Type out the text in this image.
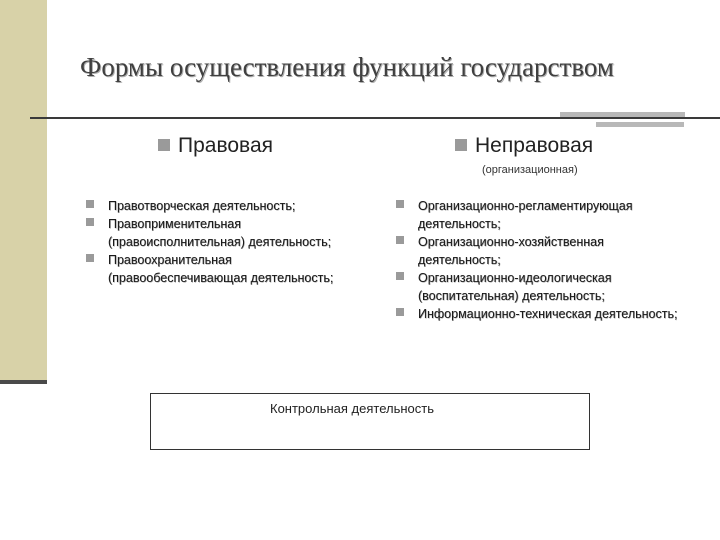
Формы осуществления функций государством
Правовая	Неправовая
(организационная)
Правотворческая деятельность;
Правоприменительная (правоисполнительная) деятельность;
Правоохранительная (правообеспечивающая деятельность;
Организационно-регламентирующая деятельность;
Организационно-хозяйственная деятельность;
Организационно-идеологическая (воспитательная) деятельность;
Информационно-техническая деятельность;
Контрольная деятельность
